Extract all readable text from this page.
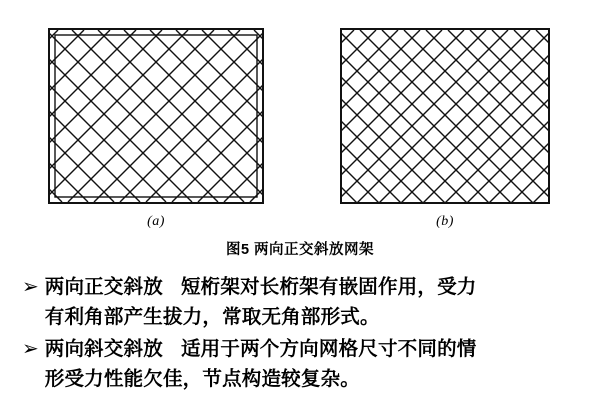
(a)	(b)
图5 两向正交斜放网架
➢ 两向正交斜放 短桁架对长桁架有嵌固作用，受力
有利角部产生拔力，常取无角部形式。
➢ 两向斜交斜放 适用于两个方向网格尺寸不同的情
形受力性能欠佳，节点构造较复杂。
